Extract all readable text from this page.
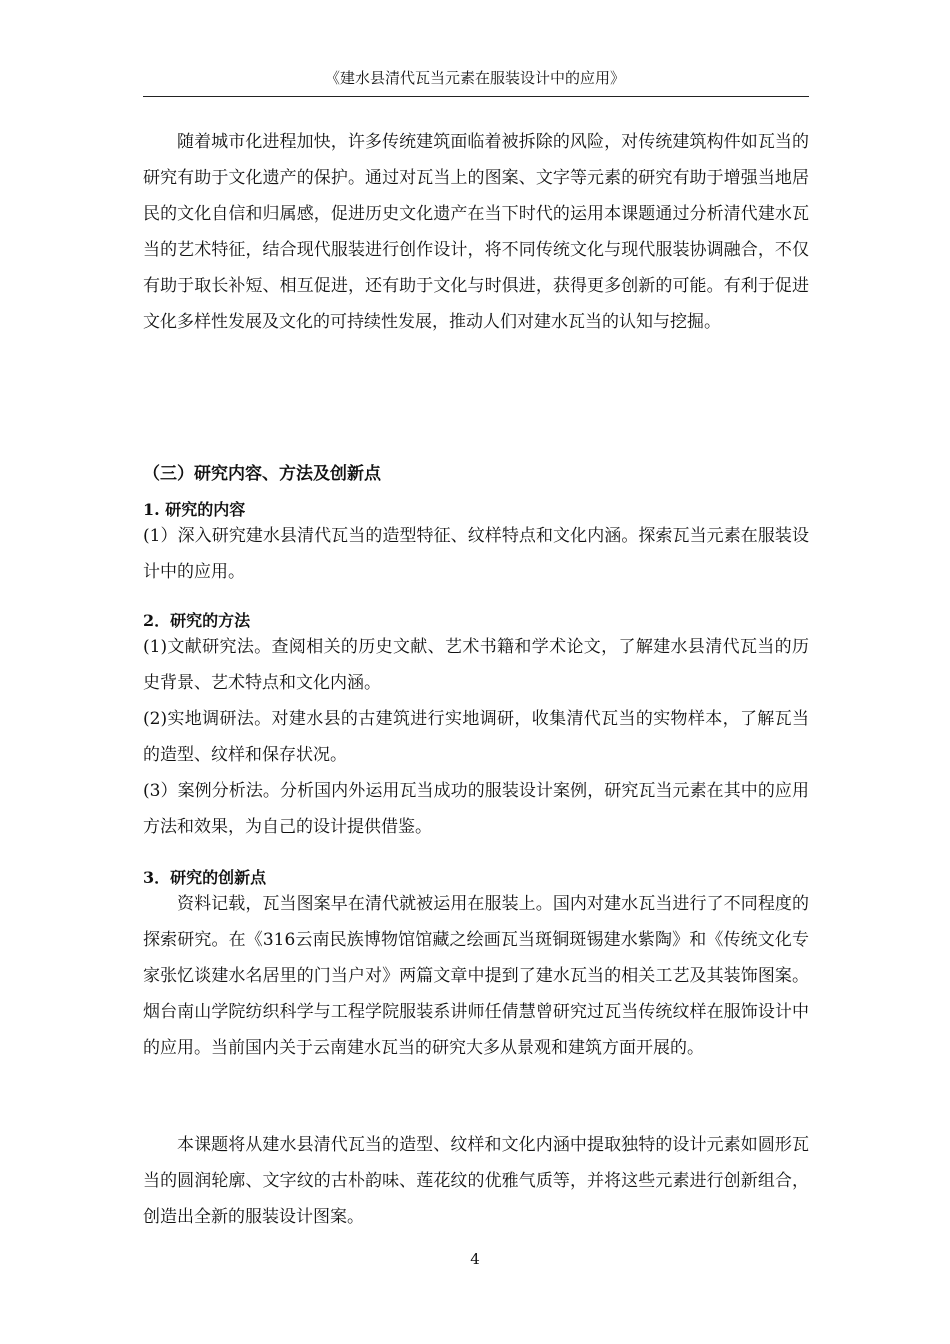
《建水县清代瓦当元素在服装设计中的应用》

随着城市化进程加快，许多传统建筑面临着被拆除的风险，对传统建筑构件如瓦当的研究有助于文化遗产的保护。通过对瓦当上的图案、文字等元素的研究有助于增强当地居民的文化自信和归属感，促进历史文化遗产在当下时代的运用本课题通过分析清代建水瓦当的艺术特征，结合现代服装进行创作设计，将不同传统文化与现代服装协调融合，不仅有助于取长补短、相互促进，还有助于文化与时俱进，获得更多创新的可能。有利于促进文化多样性发展及文化的可持续性发展，推动人们对建水瓦当的认知与挖掘。

（三）研究内容、方法及创新点
1. 研究的内容

(1）深入研究建水县清代瓦当的造型特征、纹样特点和文化内涵。探索瓦当元素在服装设计中的应用。

2．研究的方法

(1)文献研究法。查阅相关的历史文献、艺术书籍和学术论文，了解建水县清代瓦当的历史背景、艺术特点和文化内涵。

(2)实地调研法。对建水县的古建筑进行实地调研，收集清代瓦当的实物样本，了解瓦当的造型、纹样和保存状况。

(3）案例分析法。分析国内外运用瓦当成功的服装设计案例，研究瓦当元素在其中的应用方法和效果，为自己的设计提供借鉴。

3．研究的创新点

资料记载，瓦当图案早在清代就被运用在服装上。国内对建水瓦当进行了不同程度的探索研究。在《316云南民族博物馆馆藏之绘画瓦当斑铜斑锡建水紫陶》和《传统文化专家张忆谈建水名居里的门当户对》两篇文章中提到了建水瓦当的相关工艺及其装饰图案。烟台南山学院纺织科学与工程学院服装系讲师任倩慧曾研究过瓦当传统纹样在服饰设计中的应用。当前国内关于云南建水瓦当的研究大多从景观和建筑方面开展的。

本课题将从建水县清代瓦当的造型、纹样和文化内涵中提取独特的设计元素如圆形瓦当的圆润轮廓、文字纹的古朴韵味、莲花纹的优雅气质等，并将这些元素进行创新组合，创造出全新的服装设计图案。

4
